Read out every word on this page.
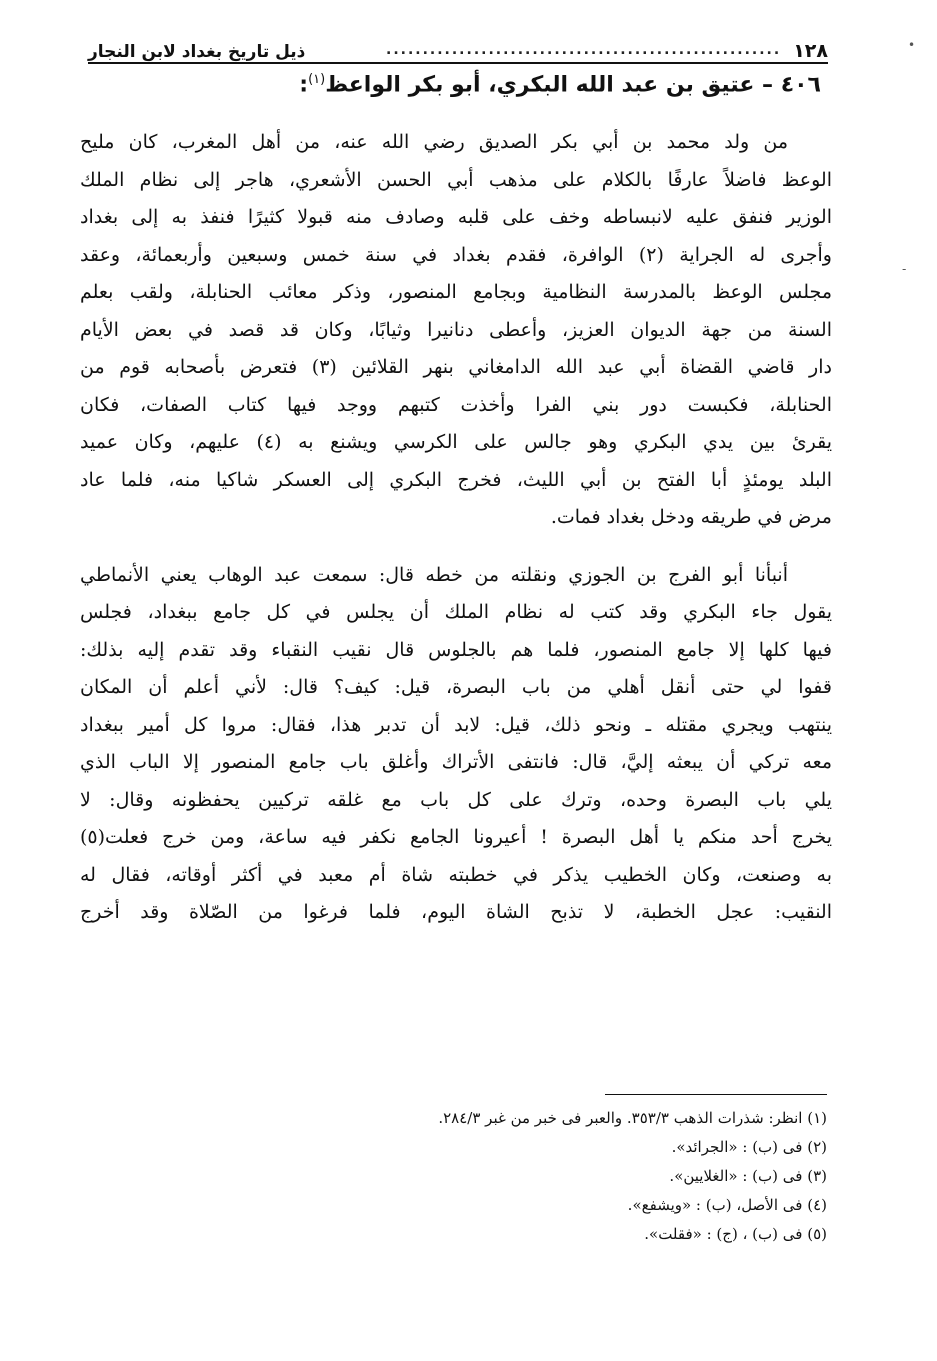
١٢٨
......................................................
ذيل تاريخ بغداد لابن النجار	•
-
٤٠٦ – عتيق بن عبد الله البكري، أبو بكر الواعظ$^{(١)}$:
من ولد محمد بن أبي بكر الصديق رضي الله عنه، من أهل المغرب، كان مليح
الوعظ فاضلاً عارفًا بالكلام على مذهب أبي الحسن الأشعري، هاجر إلى نظام الملك
الوزير فنفق عليه لانبساطه وخف على قلبه وصادف منه قبولا كثيرًا فنفذ به إلى بغداد
وأجرى له الجراية (٢) الوافرة، فقدم بغداد في سنة خمس وسبعين وأربعمائة، وعقد
مجلس الوعظ بالمدرسة النظامية وبجامع المنصور، وذكر معائب الحنابلة، ولقب بعلم
السنة من جهة الديوان العزيز، وأعطى دنانيرا وثيابًا، وكان قد قصد في بعض الأيام
دار قاضي القضاة أبي عبد الله الدامغاني بنهر القلائين (٣) فتعرض بأصحابه قوم من
الحنابلة، فكبست دور بني الفرا وأخذت كتبهم ووجد فيها كتاب الصفات، فكان
يقرئ بين يدي البكري وهو جالس على الكرسي ويشنع به (٤) عليهم، وكان عميد
البلد يومئذٍ أبا الفتح بن أبي الليث، فخرج البكري إلى العسكر شاكيا منه، فلما عاد
مرض في طريقه ودخل بغداد فمات.
أنبأنا أبو الفرج بن الجوزي ونقلته من خطه قال: سمعت عبد الوهاب يعني الأنماطي
يقول جاء البكري وقد كتب له نظام الملك أن يجلس في كل جامع ببغداد، فجلس
فيها كلها إلا جامع المنصور، فلما هم بالجلوس قال نقيب النقباء وقد تقدم إليه بذلك:
قفوا لي حتى أنقل أهلي من باب البصرة، قيل: كيف؟ قال: لأني أعلم أن المكان
ينتهب ويجري مقتله ـ ونحو ذلك، قيل: لابد أن تدبر هذا، فقال: مروا كل أمير ببغداد
معه تركي أن يبعثه إليَّ، قال: فانتفى الأتراك وأغلق باب جامع المنصور إلا الباب الذي
يلي باب البصرة وحده، وترك على كل باب مع غلقه تركيين يحفظونه وقال: لا
يخرج أحد منكم يا أهل البصرة ! أعيرونا الجامع نكفر فيه ساعة، ومن خرج فعلت(٥)
به وصنعت، وكان الخطيب يذكر في خطبته شاة أم معبد في أكثر أوقاته، فقال له
النقيب: عجل الخطبة، لا تذبح الشاة اليوم، فلما فرغوا من الصّلاة وقد أخرج
(١) انظر: شذرات الذهب ٣٥٣/٣. والعبر فى خبر من غبر ٢٨٤/٣.
(٢) فى (ب) : «الجرائد».
(٣) فى (ب) : «الغلايين».
(٤) فى الأصل، (ب) : «ويشفع».
(٥) فى (ب) ، (ج) : «فقلت».
